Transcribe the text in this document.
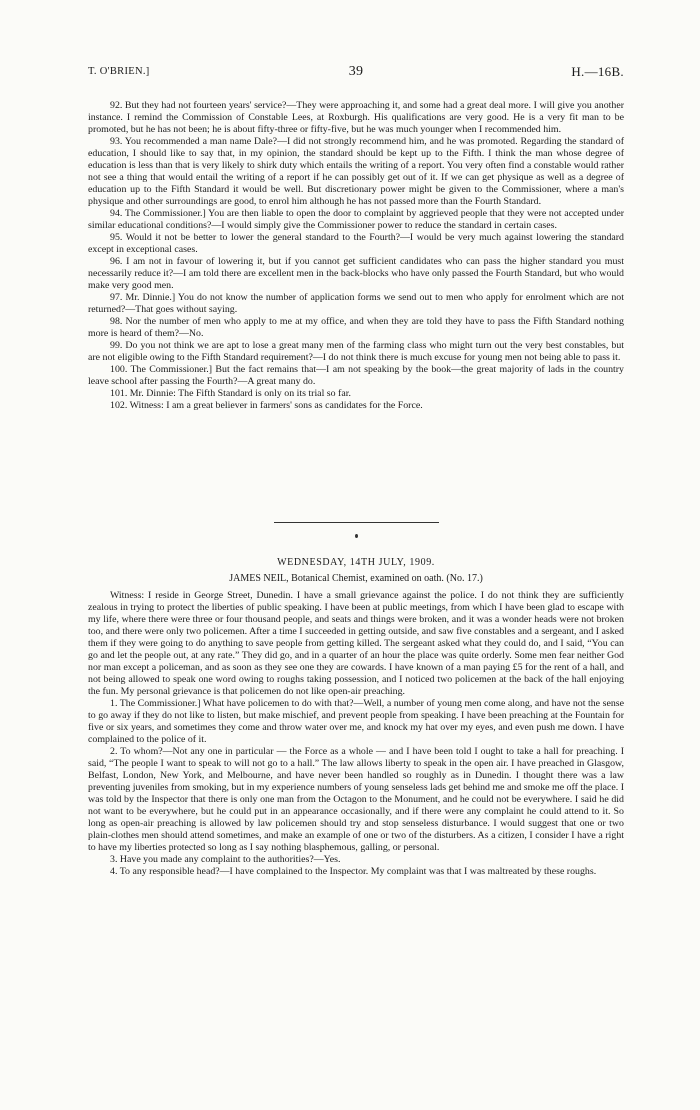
T. O'BRIEN.]	39	H.—16B.

92. But they had not fourteen years' service?—They were approaching it, and some had a great deal more. I will give you another instance. I remind the Commission of Constable Lees, at Roxburgh. His qualifications are very good. He is a very fit man to be promoted, but he has not been; he is about fifty-three or fifty-five, but he was much younger when I recommended him.

93. You recommended a man name Dale?—I did not strongly recommend him, and he was promoted. Regarding the standard of education, I should like to say that, in my opinion, the standard should be kept up to the Fifth. I think the man whose degree of education is less than that is very likely to shirk duty which entails the writing of a report. You very often find a constable would rather not see a thing that would entail the writing of a report if he can possibly get out of it. If we can get physique as well as a degree of education up to the Fifth Standard it would be well. But discretionary power might be given to the Commissioner, where a man's physique and other surroundings are good, to enrol him although he has not passed more than the Fourth Standard.

94. The Commissioner.] You are then liable to open the door to complaint by aggrieved people that they were not accepted under similar educational conditions?—I would simply give the Commissioner power to reduce the standard in certain cases.

95. Would it not be better to lower the general standard to the Fourth?—I would be very much against lowering the standard except in exceptional cases.

96. I am not in favour of lowering it, but if you cannot get sufficient candidates who can pass the higher standard you must necessarily reduce it?—I am told there are excellent men in the back-blocks who have only passed the Fourth Standard, but who would make very good men.

97. Mr. Dinnie.] You do not know the number of application forms we send out to men who apply for enrolment which are not returned?—That goes without saying.

98. Nor the number of men who apply to me at my office, and when they are told they have to pass the Fifth Standard nothing more is heard of them?—No.

99. Do you not think we are apt to lose a great many men of the farming class who might turn out the very best constables, but are not eligible owing to the Fifth Standard requirement?—I do not think there is much excuse for young men not being able to pass it.

100. The Commissioner.] But the fact remains that—I am not speaking by the book—the great majority of lads in the country leave school after passing the Fourth?—A great many do.

101. Mr. Dinnie: The Fifth Standard is only on its trial so far.

102. Witness: I am a great believer in farmers' sons as candidates for the Force.

WEDNESDAY, 14TH JULY, 1909.
JAMES NEIL, Botanical Chemist, examined on oath. (No. 17.)

Witness: I reside in George Street, Dunedin. I have a small grievance against the police. I do not think they are sufficiently zealous in trying to protect the liberties of public speaking. I have been at public meetings, from which I have been glad to escape with my life, where there were three or four thousand people, and seats and things were broken, and it was a wonder heads were not broken too, and there were only two policemen. After a time I succeeded in getting outside, and saw five constables and a sergeant, and I asked them if they were going to do anything to save people from getting killed. The sergeant asked what they could do, and I said, “You can go and let the people out, at any rate.” They did go, and in a quarter of an hour the place was quite orderly. Some men fear neither God nor man except a policeman, and as soon as they see one they are cowards. I have known of a man paying £5 for the rent of a hall, and not being allowed to speak one word owing to roughs taking possession, and I noticed two policemen at the back of the hall enjoying the fun. My personal grievance is that policemen do not like open-air preaching.

1. The Commissioner.] What have policemen to do with that?—Well, a number of young men come along, and have not the sense to go away if they do not like to listen, but make mischief, and prevent people from speaking. I have been preaching at the Fountain for five or six years, and sometimes they come and throw water over me, and knock my hat over my eyes, and even push me down. I have complained to the police of it.

2. To whom?—Not any one in particular — the Force as a whole — and I have been told I ought to take a hall for preaching. I said, “The people I want to speak to will not go to a hall.” The law allows liberty to speak in the open air. I have preached in Glasgow, Belfast, London, New York, and Melbourne, and have never been handled so roughly as in Dunedin. I thought there was a law preventing juveniles from smoking, but in my experience numbers of young senseless lads get behind me and smoke me off the place. I was told by the Inspector that there is only one man from the Octagon to the Monument, and he could not be everywhere. I said he did not want to be everywhere, but he could put in an appearance occasionally, and if there were any complaint he could attend to it. So long as open-air preaching is allowed by law policemen should try and stop senseless disturbance. I would suggest that one or two plain-clothes men should attend sometimes, and make an example of one or two of the disturbers. As a citizen, I consider I have a right to have my liberties protected so long as I say nothing blasphemous, galling, or personal.

3. Have you made any complaint to the authorities?—Yes.

4. To any responsible head?—I have complained to the Inspector. My complaint was that I was maltreated by these roughs.
